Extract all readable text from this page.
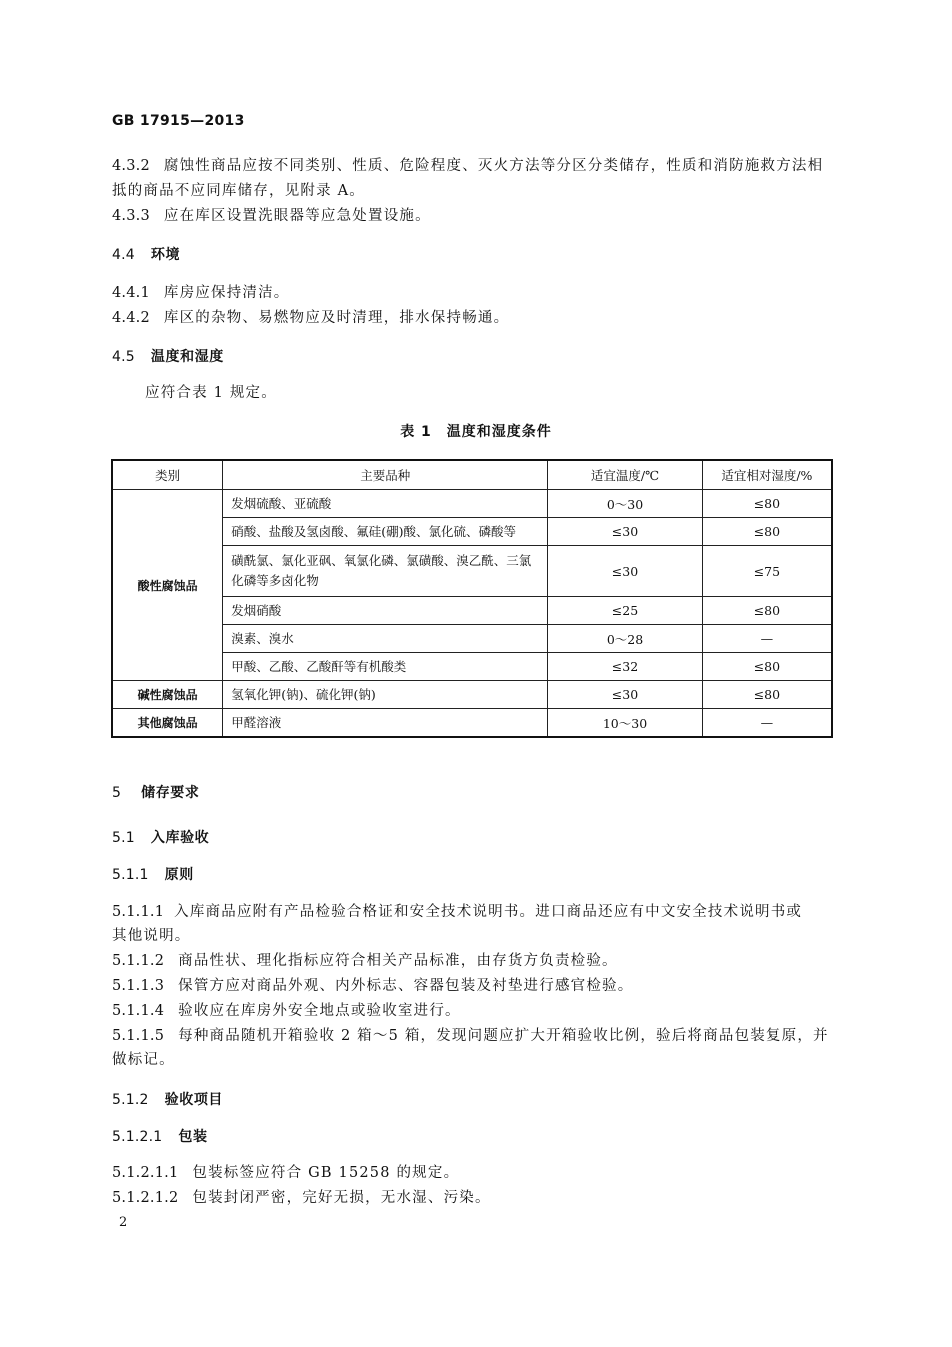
GB 17915—2013
4.3.2 腐蚀性商品应按不同类别、性质、危险程度、灭火方法等分区分类储存，性质和消防施救方法相
抵的商品不应同库储存，见附录 A。
4.3.3 应在库区设置洗眼器等应急处置设施。
4.4 环境
4.4.1 库房应保持清洁。
4.4.2 库区的杂物、易燃物应及时清理，排水保持畅通。
4.5 温度和湿度
应符合表 1 规定。
表 1　温度和湿度条件
类别	主要品种	适宜温度/℃	适宜相对湿度/%
酸性腐蚀品	发烟硫酸、亚硫酸	0～30	≤80
	硝酸、盐酸及氢卤酸、氟硅(硼)酸、氯化硫、磷酸等	≤30	≤80
	磺酰氯、氯化亚砜、氧氯化磷、氯磺酸、溴乙酰、三氯化磷等多卤化物	≤30	≤75
	发烟硝酸	≤25	≤80
	溴素、溴水	0～28	—
	甲酸、乙酸、乙酸酐等有机酸类	≤32	≤80
碱性腐蚀品	氢氧化钾(钠)、硫化钾(钠)	≤30	≤80
其他腐蚀品	甲醛溶液	10～30	—
5 储存要求
5.1 入库验收
5.1.1 原则
5.1.1.1 入库商品应附有产品检验合格证和安全技术说明书。进口商品还应有中文安全技术说明书或
其他说明。
5.1.1.2 商品性状、理化指标应符合相关产品标准，由存货方负责检验。
5.1.1.3 保管方应对商品外观、内外标志、容器包装及衬垫进行感官检验。
5.1.1.4 验收应在库房外安全地点或验收室进行。
5.1.1.5 每种商品随机开箱验收 2 箱～5 箱，发现问题应扩大开箱验收比例，验后将商品包装复原，并
做标记。
5.1.2 验收项目
5.1.2.1 包装
5.1.2.1.1 包装标签应符合 GB 15258 的规定。
5.1.2.1.2 包装封闭严密，完好无损，无水湿、污染。
2
